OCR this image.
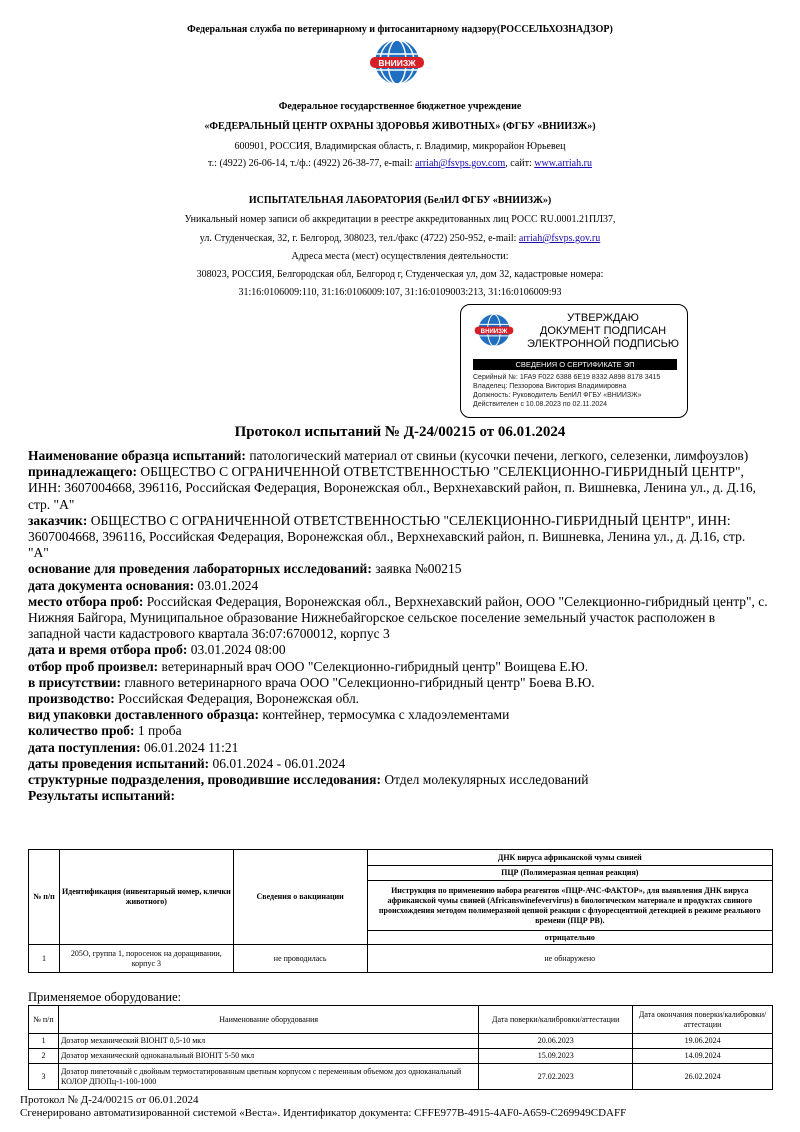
Федеральная служба по ветеринарному и фитосанитарному надзору(РОССЕЛЬХОЗНАДЗОР)
ВНИИЗЖ
Федеральное государственное бюджетное учреждение
«ФЕДЕРАЛЬНЫЙ ЦЕНТР ОХРАНЫ ЗДОРОВЬЯ ЖИВОТНЫХ» (ФГБУ «ВНИИЗЖ»)
600901, РОССИЯ, Владимирская область, г. Владимир, микрорайон Юрьевец
т.: (4922) 26-06-14, т./ф.: (4922) 26-38-77, e-mail: arriah@fsvps.gov.com, сайт: www.arriah.ru
ИСПЫТАТЕЛЬНАЯ ЛАБОРАТОРИЯ (БелИЛ ФГБУ «ВНИИЗЖ»)
Уникальный номер записи об аккредитации в реестре аккредитованных лиц РОСС RU.0001.21ПЛ37,
ул. Студенческая, 32, г. Белгород, 308023, тел./факс (4722) 250-952, e-mail: arriah@fsvps.gov.ru
Адреса места (мест) осуществления деятельности:
308023, РОССИЯ, Белгородская обл, Белгород г, Студенческая ул, дом 32, кадастровые номера:
31:16:0106009:110, 31:16:0106009:107, 31:16:0109003:213, 31:16:0106009:93
ВНИИЗЖ
УТВЕРЖДАЮ
ДОКУМЕНТ ПОДПИСАН
ЭЛЕКТРОННОЙ ПОДПИСЬЮ
СВЕДЕНИЯ О СЕРТИФИКАТЕ ЭП
Серийный №: 1FA9 F022 6388 6E19 8332 A898 8178 3415
Владелец: Пеззорова Виктория Владимировна
Должность: Руководитель БелИЛ ФГБУ «ВНИИЗЖ»
Действителен с 10.08.2023 по 02.11.2024
Протокол испытаний № Д-24/00215 от 06.01.2024

Наименование образца испытаний: патологический материал от свиньи (кусочки печени, легкого, селезенки, лимфоузлов)

принадлежащего: ОБЩЕСТВО С ОГРАНИЧЕННОЙ ОТВЕТСТВЕННОСТЬЮ "СЕЛЕКЦИОННО-ГИБРИДНЫЙ ЦЕНТР", ИНН: 3607004668, 396116, Российская Федерация, Воронежская обл., Верхнехавский район, п. Вишневка, Ленина ул., д. Д.16, стр. "А"

заказчик: ОБЩЕСТВО С ОГРАНИЧЕННОЙ ОТВЕТСТВЕННОСТЬЮ "СЕЛЕКЦИОННО-ГИБРИДНЫЙ ЦЕНТР", ИНН: 3607004668, 396116, Российская Федерация, Воронежская обл., Верхнехавский район, п. Вишневка, Ленина ул., д. Д.16, стр. "А"

основание для проведения лабораторных исследований: заявка №00215

дата документа основания: 03.01.2024

место отбора проб: Российская Федерация, Воронежская обл., Верхнехавский район, ООО "Селекционно-гибридный центр", с. Нижняя Байгора, Муниципальное образование Нижнебайгорское сельское поселение земельный участок расположен в западной части кадастрового квартала 36:07:6700012, корпус 3

дата и время отбора проб: 03.01.2024 08:00

отбор проб произвел: ветеринарный врач ООО "Селекционно-гибридный центр" Воищева Е.Ю.

в присутствии: главного ветеринарного врача ООО "Селекционно-гибридный центр" Боева В.Ю.

производство: Российская Федерация, Воронежская обл.

вид упаковки доставленного образца: контейнер, термосумка с хладоэлементами

количество проб: 1 проба

дата поступления: 06.01.2024 11:21

даты проведения испытаний: 06.01.2024 - 06.01.2024

структурные подразделения, проводившие исследования: Отдел молекулярных исследований

Результаты испытаний:

№ п/п	Идентификация (инвентарный номер, клички животного)	Сведения о вакцинации	ДНК вируса африканской чумы свиней
			ПЦР (Полимеразная цепная реакция)
			Инструкция по применению набора реагентов «ПЦР-АЧС-ФАКТОР», для выявления ДНК вируса африканской чумы свиней (Africanswinefevervirus) в биологическом материале и продуктах свиного происхождения методом полимеразной цепной реакции с флуоресцентной детекцией в режиме реального времени (ПЦР РВ).
			отрицательно
1	205О, группа 1, поросенок на доращивании, корпус 3	не проводилась	не обнаружено
Применяемое оборудование:
№ п/п	Наименование оборудования	Дата поверки/калибровки/аттестации	Дата окончания поверки/калибровки/аттестации
1	Дозатор механический BIOHIT 0,5-10 мкл	20.06.2023	19.06.2024
2	Дозатор механический одноканальный BIOHIT 5-50 мкл	15.09.2023	14.09.2024
3	Дозатор пипеточный с двойным термостатированным цветным корпусом с переменным объемом доз одноканальный КОЛОР ДПОПц-1-100-1000	27.02.2023	26.02.2024
Протокол № Д-24/00215 от 06.01.2024
Сгенерировано автоматизированной системой «Веста». Идентификатор документа: CFFE977B-4915-4AF0-A659-C269949CDAFF
